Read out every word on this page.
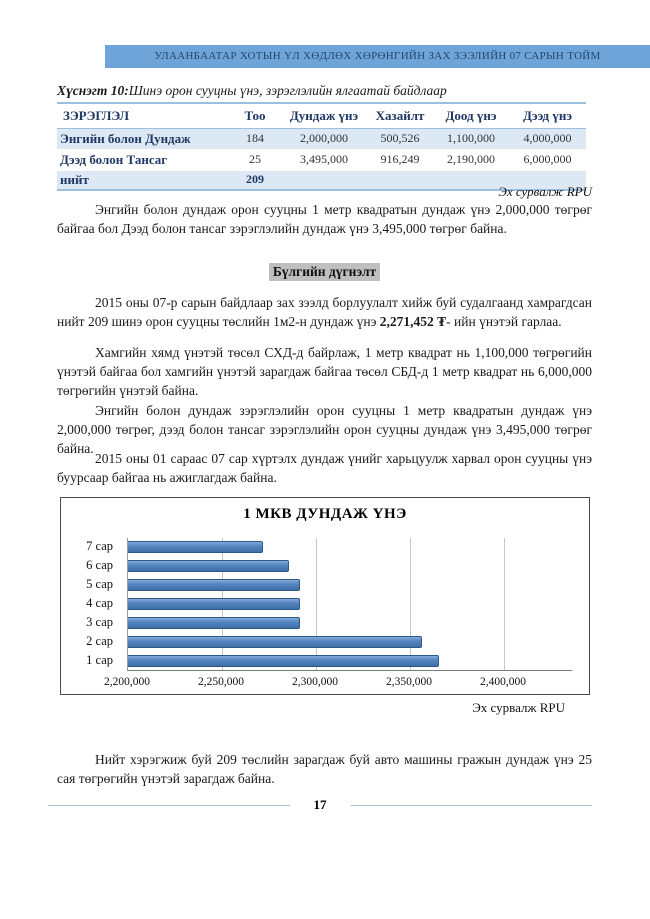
УЛААНБААТАР ХОТЫН ҮЛ ХӨДЛӨХ ХӨРӨНГИЙН ЗАХ ЗЭЭЛИЙН 07 САРЫН ТОЙМ
Хүснэгт 10:Шинэ орон сууцны үнэ, зэрэглэлийн ялгаатай байдлаар
ЗЭРЭГЛЭЛ	Тоо	Дундаж үнэ	Хазайлт	Доод үнэ	Дээд үнэ
Энгийн болон Дундаж	184	2,000,000	500,526	1,100,000	4,000,000
Дээд болон Тансаг	25	3,495,000	916,249	2,190,000	6,000,000
нийт	209				
Эх сурвалж RPU

Энгийн болон дундаж орон сууцны 1 метр квадратын дундаж үнэ 2,000,000 төгрөг байгаа бол Дээд болон тансаг зэрэглэлийн дундаж үнэ 3,495,000 төгрөг байна.

Бүлгийн дүгнэлт

2015 оны 07-р сарын байдлаар зах зээлд борлуулалт хийж буй судалгаанд хамрагдсан нийт 209 шинэ орон сууцны төслийн 1м2-н дундаж үнэ 2,271,452 ₮- ийн үнэтэй гарлаа.

Хамгийн хямд үнэтэй төсөл СХД-д байрлаж, 1 метр квадрат нь 1,100,000 төгрөгийн үнэтэй байгаа бол хамгийн үнэтэй зарагдаж байгаа төсөл СБД-д 1 метр квадрат нь 6,000,000 төгрөгийн үнэтэй байна.

Энгийн болон дундаж зэрэглэлийн орон сууцны 1 метр квадратын дундаж үнэ 2,000,000 төгрөг, дээд болон тансаг зэрэглэлийн орон сууцны дундаж үнэ 3,495,000 төгрөг байна.

2015 оны 01 сараас 07 сар хүртэлх дундаж үнийг харьцуулж харвал орон сууцны үнэ буурсаар байгаа нь ажиглагдаж байна.

1 МКВ ДУНДАЖ ҮНЭ
7 сар
6 сар
5 сар
4 сар
3 сар
2 сар
1 сар
2,200,000	2,250,000	2,300,000	2,350,000	2,400,000
Эх сурвалж RPU

Нийт хэрэгжиж буй 209 төслийн зарагдаж буй авто машины гражын дундаж үнэ 25 сая төгрөгийн үнэтэй зарагдаж байна.

17
